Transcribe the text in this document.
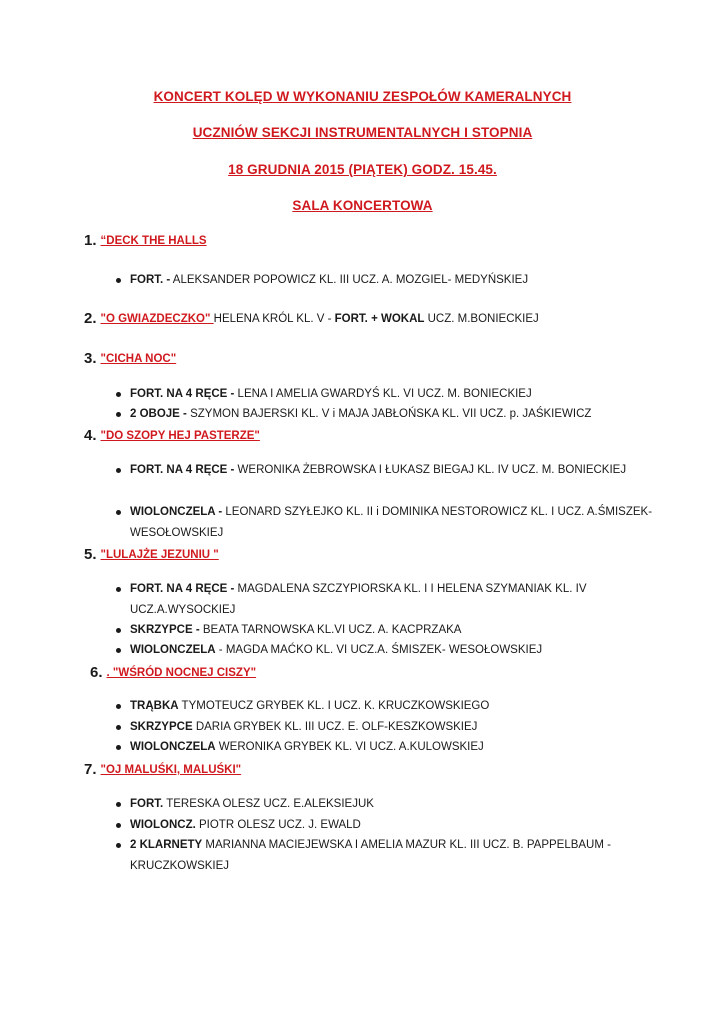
KONCERT KOLĘD W WYKONANIU ZESPOŁÓW KAMERALNYCH
UCZNIÓW SEKCJI INSTRUMENTALNYCH I STOPNIA
18 GRUDNIA 2015 (PIĄTEK) GODZ. 15.45.
SALA KONCERTOWA
1. “DECK THE HALLS
FORT. - ALEKSANDER POPOWICZ KL. III UCZ. A. MOZGIEL- MEDYŃSKIEJ
2. "O GWIAZDECZKO" HELENA KRÓL KL. V - FORT. + WOKAL UCZ. M.BONIECKIEJ
3. "CICHA NOC"
FORT. NA 4 RĘCE - LENA I AMELIA GWARDYŚ KL. VI UCZ. M. BONIECKIEJ
2 OBOJE - SZYMON BAJERSKI KL. V i MAJA JABŁOŃSKA KL. VII UCZ. p. JAŚKIEWICZ
4. "DO SZOPY HEJ PASTERZE"
FORT. NA 4 RĘCE - WERONIKA ŻEBROWSKA I ŁUKASZ BIEGAJ KL. IV UCZ. M. BONIECKIEJ
WIOLONCZELA - LEONARD SZYŁEJKO KL. II i DOMINIKA NESTOROWICZ KL. I UCZ. A.ŚMISZEK- WESOŁOWSKIEJ
5. "LULAJŻE JEZUNIU "
FORT. NA 4 RĘCE - MAGDALENA SZCZYPIORSKA KL. I I HELENA SZYMANIAK KL. IV UCZ.A.WYSOCKIEJ
SKRZYPCE - BEATA TARNOWSKA KL.VI UCZ. A. KACPRZAKA
WIOLONCZELA - MAGDA MAĆKO KL. VI UCZ.A. ŚMISZEK- WESOŁOWSKIEJ
6. . "WŚRÓD NOCNEJ CISZY"
TRĄBKA TYMOTEUCZ GRYBEK KL. I UCZ. K. KRUCZKOWSKIEGO
SKRZYPCE DARIA GRYBEK KL. III UCZ. E. OLF-KESZKOWSKIEJ
WIOLONCZELA WERONIKA GRYBEK KL. VI UCZ. A.KULOWSKIEJ
7. "OJ MALUŚKI, MALUŚKI"
FORT. TERESKA OLESZ UCZ. E.ALEKSIEJUK
WIOLONCZ. PIOTR OLESZ UCZ. J. EWALD
2 KLARNETY MARIANNA MACIEJEWSKA I AMELIA MAZUR KL. III UCZ. B. PAPPELBAUM -KRUCZKOWSKIEJ
